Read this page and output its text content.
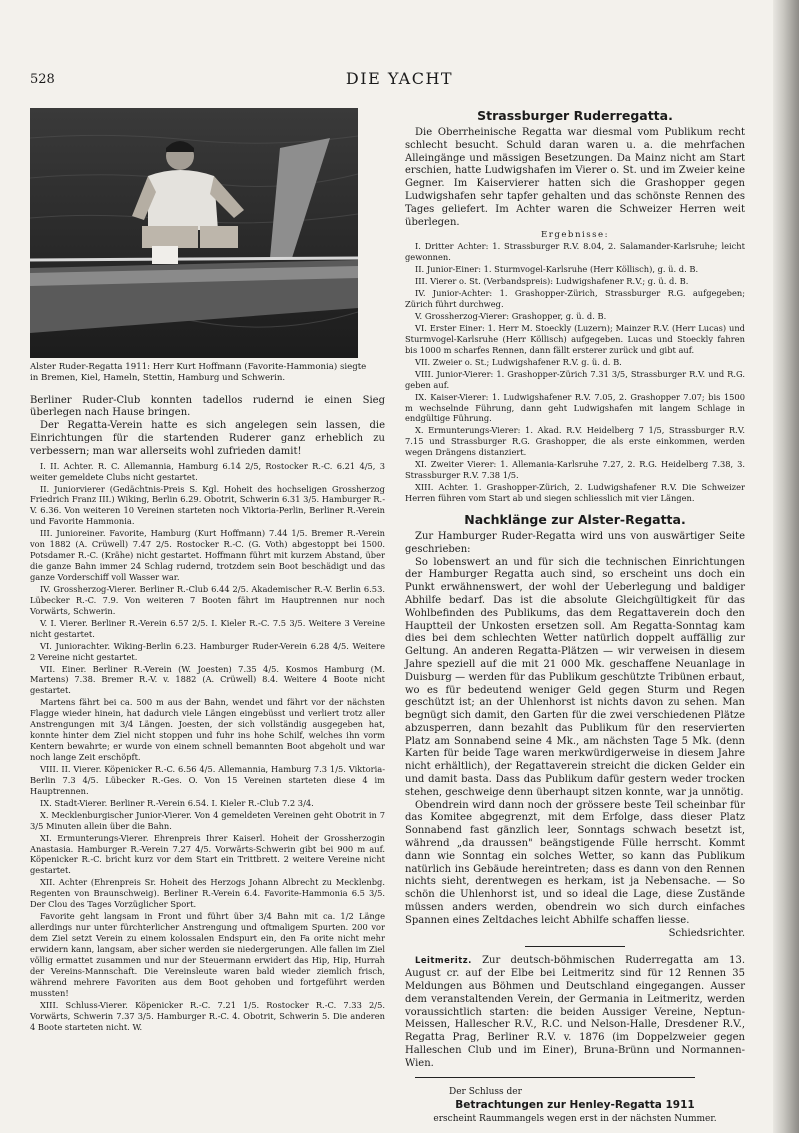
528	DIE YACHT
Alster Ruder-Regatta 1911: Herr Kurt Hoffmann (Favorite-Hammonia) siegte in Bremen, Kiel, Hameln, Stettin, Hamburg und Schwerin.

Berliner Ruder-Club konnten tadellos rudernd ie einen Sieg überlegen nach Hause bringen.

Der Regatta-Verein hatte es sich angelegen sein lassen, die Einrichtungen für die startenden Ruderer ganz erheblich zu verbessern; man war allerseits wohl zufrieden damit!

I. II. Achter. R. C. Allemannia, Hamburg 6.14 2/5, Rostocker R.-C. 6.21 4/5, 3 weiter gemeldete Clubs nicht gestartet.

II. Juniorvierer (Gedächtnis-Preis S. Kgl. Hoheit des hochseligen Grossherzog Friedrich Franz III.) Wiking, Berlin 6.29. Obotrit, Schwerin 6.31 3/5. Hamburger R.-V. 6.36. Von weiteren 10 Vereinen starteten noch Viktoria-Perlin, Berliner R.-Verein und Favorite Hammonia.

III. Junioreiner. Favorite, Hamburg (Kurt Hoffmann) 7.44 1/5. Bremer R.-Verein von 1882 (A. Crüwell) 7.47 2/5. Rostocker R.-C. (G. Voth) abgestoppt bei 1500. Potsdamer R.-C. (Krähe) nicht gestartet. Hoffmann führt mit kurzem Abstand, über die ganze Bahn immer 24 Schlag rudernd, trotzdem sein Boot beschädigt und das ganze Vorderschiff voll Wasser war.

IV. Grossherzog-Vierer. Berliner R.-Club 6.44 2/5. Akademischer R.-V. Berlin 6.53. Lübecker R.-C. 7.9. Von weiteren 7 Booten fährt im Hauptrennen nur noch Vorwärts, Schwerin.

V. I. Vierer. Berliner R.-Verein 6.57 2/5. I. Kieler R.-C. 7.5 3/5. Weitere 3 Vereine nicht gestartet.

VI. Juniorachter. Wiking-Berlin 6.23. Hamburger Ruder-Verein 6.28 4/5. Weitere 2 Vereine nicht gestartet.

VII. Einer. Berliner R.-Verein (W. Joesten) 7.35 4/5. Kosmos Hamburg (M. Martens) 7.38. Bremer R.-V. v. 1882 (A. Crüwell) 8.4. Weitere 4 Boote nicht gestartet.

Martens fährt bei ca. 500 m aus der Bahn, wendet und fährt vor der nächsten Flagge wieder hinein, hat dadurch viele Längen eingebüsst und verliert trotz aller Anstrengungen mit 3/4 Längen. Joesten, der sich vollständig ausgegeben hat, konnte hinter dem Ziel nicht stoppen und fuhr ins hohe Schilf, welches ihn vorm Kentern bewahrte; er wurde von einem schnell bemannten Boot abgeholt und war noch lange Zeit erschöpft.

VIII. II. Vierer. Köpenicker R.-C. 6.56 4/5. Allemannia, Hamburg 7.3 1/5. Viktoria-Berlin 7.3 4/5. Lübecker R.-Ges. O. Von 15 Vereinen starteten diese 4 im Hauptrennen.

IX. Stadt-Vierer. Berliner R.-Verein 6.54. I. Kieler R.-Club 7.2 3/4.

X. Mecklenburgischer Junior-Vierer. Von 4 gemeldeten Vereinen geht Obotrit in 7 3/5 Minuten allein über die Bahn.

XI. Ermunterungs-Vierer. Ehrenpreis Ihrer Kaiserl. Hoheit der Grossherzogin Anastasia. Hamburger R.-Verein 7.27 4/5. Vorwärts-Schwerin gibt bei 900 m auf. Köpenicker R.-C. bricht kurz vor dem Start ein Trittbrett. 2 weitere Vereine nicht gestartet.

XII. Achter (Ehrenpreis Sr. Hoheit des Herzogs Johann Albrecht zu Mecklenbg. Regenten von Braunschweig). Berliner R.-Verein 6.4. Favorite-Hammonia 6.5 3/5. Der Clou des Tages Vorzüglicher Sport.

Favorite geht langsam in Front und führt über 3/4 Bahn mit ca. 1/2 Länge allerdings nur unter fürchterlicher Anstrengung und oftmaligem Spurten. 200 vor dem Ziel setzt Verein zu einem kolossalen Endspurt ein, den Fa orite nicht mehr erwidern kann, langsam, aber sicher werden sie niedergerungen. Alle fallen im Ziel völlig ermattet zusammen und nur der Steuermann erwidert das Hip, Hip, Hurrah der Vereins-Mannschaft. Die Vereinsleute waren bald wieder ziemlich frisch, während mehrere Favoriten aus dem Boot gehoben und fortgeführt werden mussten!

XIII. Schluss-Vierer. Köpenicker R.-C. 7.21 1/5. Rostocker R.-C. 7.33 2/5. Vorwärts, Schwerin 7.37 3/5. Hamburger R.-C. 4. Obotrit, Schwerin 5. Die anderen 4 Boote starteten nicht. W.

Strassburger Ruderregatta.

Die Oberrheinische Regatta war diesmal vom Publikum recht schlecht besucht. Schuld daran waren u. a. die mehrfachen Alleingänge und mässigen Besetzungen. Da Mainz nicht am Start erschien, hatte Ludwigshafen im Vierer o. St. und im Zweier keine Gegner. Im Kaiservierer hatten sich die Grashopper gegen Ludwigshafen sehr tapfer gehalten und das schönste Rennen des Tages geliefert. Im Achter waren die Schweizer Herren weit überlegen.

Ergebnisse:

I. Dritter Achter: 1. Strassburger R.V. 8.04, 2. Salamander-Karlsruhe; leicht gewonnen.

II. Junior-Einer: 1. Sturmvogel-Karlsruhe (Herr Köllisch), g. ü. d. B.

III. Vierer o. St. (Verbandspreis): Ludwigshafener R.V.; g. ü. d. B.

IV. Junior-Achter: 1. Grashopper-Zürich, Strassburger R.G. aufgegeben; Zürich führt durchweg.

V. Grossherzog-Vierer: Grashopper, g. ü. d. B.

VI. Erster Einer: 1. Herr M. Stoeckly (Luzern); Mainzer R.V. (Herr Lucas) und Sturmvogel-Karlsruhe (Herr Köllisch) aufgegeben. Lucas und Stoeckly fahren bis 1000 m scharfes Rennen, dann fällt ersterer zurück und gibt auf.

VII. Zweier o. St.; Ludwigshafener R.V. g. ü. d. B.

VIII. Junior-Vierer: 1. Grashopper-Zürich 7.31 3/5, Strassburger R.V. und R.G. geben auf.

IX. Kaiser-Vierer: 1. Ludwigshafener R.V. 7.05, 2. Grashopper 7.07; bis 1500 m wechselnde Führung, dann geht Ludwigshafen mit langem Schlage in endgültige Führung.

X. Ermunterungs-Vierer: 1. Akad. R.V. Heidelberg 7 1/5, Strassburger R.V. 7.15 und Strassburger R.G. Grashopper, die als erste einkommen, werden wegen Drängens distanziert.

XI. Zweiter Vierer: 1. Allemania-Karlsruhe 7.27, 2. R.G. Heidelberg 7.38, 3. Strassburger R.V. 7.38 1/5.

XIII. Achter. 1. Grashopper-Zürich, 2. Ludwigshafener R.V. Die Schweizer Herren führen vom Start ab und siegen schliesslich mit vier Längen.

Nachklänge zur Alster-Regatta.

Zur Hamburger Ruder-Regatta wird uns von auswärtiger Seite geschrieben:

So lobenswert an und für sich die technischen Einrichtungen der Hamburger Regatta auch sind, so erscheint uns doch ein Punkt erwähnenswert, der wohl der Ueberlegung und baldiger Abhilfe bedarf. Das ist die absolute Gleichgültigkeit für das Wohlbefinden des Publikums, das dem Regattaverein doch den Hauptteil der Unkosten ersetzen soll. Am Regatta-Sonntag kam dies bei dem schlechten Wetter natürlich doppelt auffällig zur Geltung. An anderen Regatta-Plätzen — wir verweisen in diesem Jahre speziell auf die mit 21 000 Mk. geschaffene Neuanlage in Duisburg — werden für das Publikum geschützte Tribünen erbaut, wo es für bedeutend weniger Geld gegen Sturm und Regen geschützt ist; an der Uhlenhorst ist nichts davon zu sehen. Man begnügt sich damit, den Garten für die zwei verschiedenen Plätze abzusperren, dann bezahlt das Publikum für den reservierten Platz am Sonnabend seine 4 Mk., am nächsten Tage 5 Mk. (denn Karten für beide Tage waren merkwürdigerweise in diesem Jahre nicht erhältlich), der Regattaverein streicht die dicken Gelder ein und damit basta. Dass das Publikum dafür gestern weder trocken stehen, geschweige denn überhaupt sitzen konnte, war ja unnötig.

Obendrein wird dann noch der grössere beste Teil scheinbar für das Komitee abgegrenzt, mit dem Erfolge, dass dieser Platz Sonnabend fast gänzlich leer, Sonntags schwach besetzt ist, während „da draussen" beängstigende Fülle herrscht. Kommt dann wie Sonntag ein solches Wetter, so kann das Publikum natürlich ins Gebäude hereintreten; dass es dann von den Rennen nichts sieht, derentwegen es herkam, ist ja Nebensache. — So schön die Uhlenhorst ist, und so ideal die Lage, diese Zustände müssen anders werden, obendrein wo sich durch einfaches Spannen eines Zeltdaches leicht Abhilfe schaffen liesse.

Schiedsrichter.

Leitmeritz. Zur deutsch-böhmischen Ruderregatta am 13. August cr. auf der Elbe bei Leitmeritz sind für 12 Rennen 35 Meldungen aus Böhmen und Deutschland eingegangen. Ausser dem veranstaltenden Verein, der Germania in Leitmeritz, werden voraussichtlich starten: die beiden Aussiger Vereine, Neptun-Meissen, Hallescher R.V., R.C. und Nelson-Halle, Dresdener R.V., Regatta Prag, Berliner R.V. v. 1876 (im Doppelzweier gegen Halleschen Club und im Einer), Bruna-Brünn und Normannen-Wien.

Der Schluss der
Betrachtungen zur Henley-Regatta 1911
erscheint Raummangels wegen erst in der nächsten Nummer.
